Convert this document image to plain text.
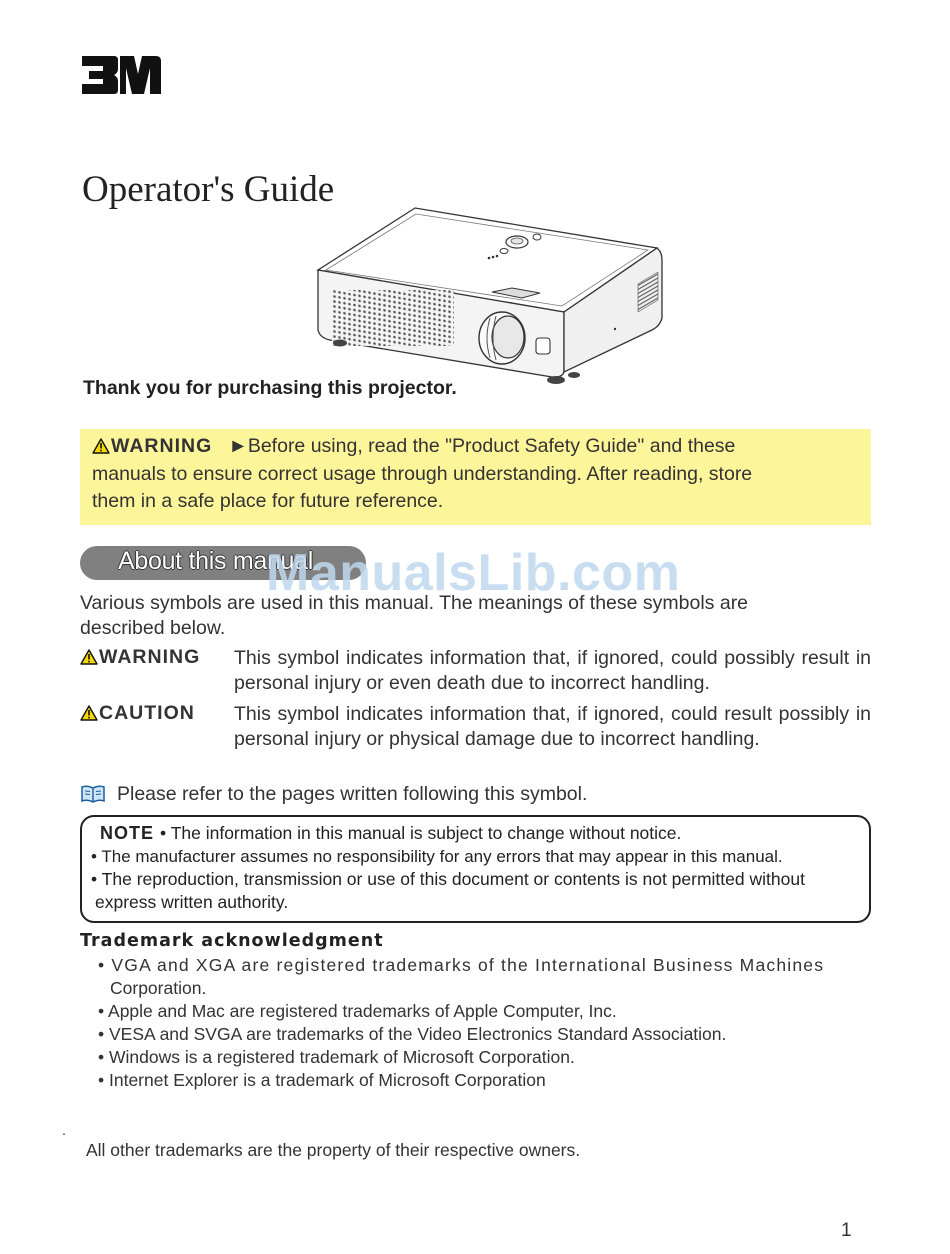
Operator's Guide
Thank you for purchasing this projector.
WARNING ►Before using, read the "Product Safety Guide" and these
manuals to ensure correct usage through understanding. After reading, store
them in a safe place for future reference.
About this manual
ManualsLib.com
Various symbols are used in this manual. The meanings of these symbols are
described below.
WARNING This symbol indicates information that, if ignored, could possibly result in personal injury or even death due to incorrect handling.
CAUTION This symbol indicates information that, if ignored, could result possibly in personal injury or physical damage due to incorrect handling.
Please refer to the pages written following this symbol.
NOTE • The information in this manual is subject to change without notice.
• The manufacturer assumes no responsibility for any errors that may appear in this manual.
• The reproduction, transmission or use of this document or contents is not permitted without
express written authority.
Trademark acknowledgment
• VGA and XGA are registered trademarks of the International Business Machines
Corporation.
• Apple and Mac are registered trademarks of Apple Computer, Inc.
• VESA and SVGA are trademarks of the Video Electronics Standard Association.
• Windows is a registered trademark of Microsoft Corporation.
• Internet Explorer is a trademark of Microsoft Corporation
.
All other trademarks are the property of their respective owners.
1
